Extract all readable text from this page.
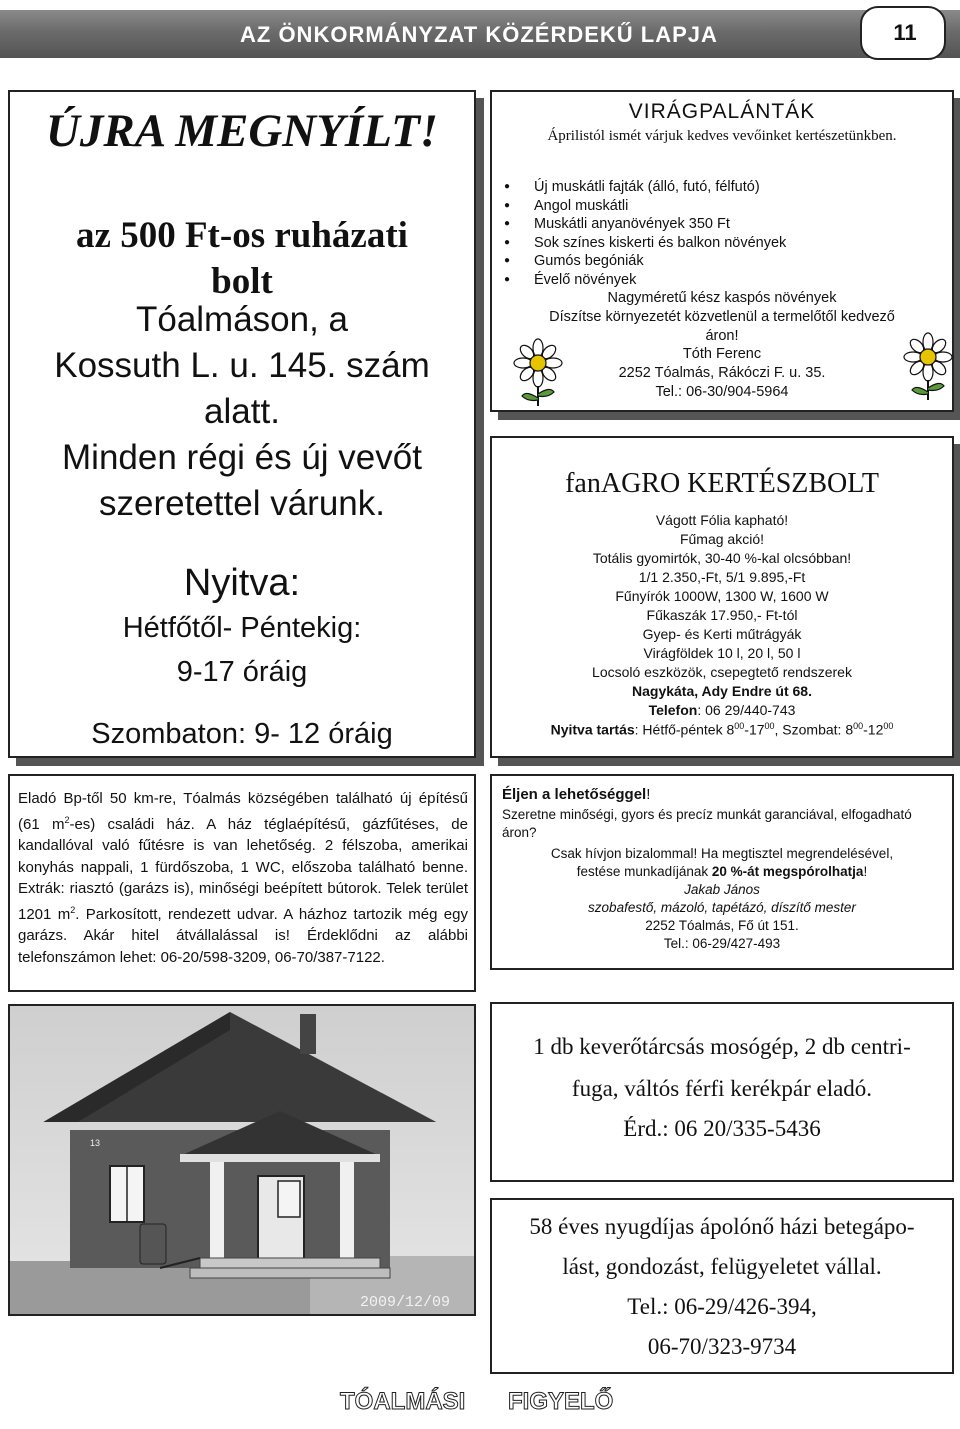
AZ ÖNKORMÁNYZAT KÖZÉRDEKŰ LAPJA	11
ÚJRA MEGNYÍLT!
az 500 Ft-os ruházati
bolt
Tóalmáson, a
Kossuth L. u. 145. szám
alatt.
Minden régi és új vevőt
szeretettel várunk.
Nyitva:
Hétfőtől- Péntekig:
9-17 óráig
Szombaton: 9- 12 óráig
VIRÁGPALÁNTÁK
Áprilistól ismét várjuk kedves vevőinket kertészetünkben.
● Új muskátli fajták (álló, futó, félfutó)
● Angol muskátli
● Muskátli anyanövények 350 Ft
● Sok színes kiskerti és balkon növények
● Gumós begóniák
● Évelő növények
Nagyméretű kész kaspós növények
Díszítse környezetét közvetlenül a termelőtől kedvező
áron!
Tóth Ferenc
2252 Tóalmás, Rákóczi F. u. 35.
Tel.: 06-30/904-5964
fanAGRO KERTÉSZBOLT
Vágott Fólia kapható!
Fűmag akció!
Totális gyomirtók, 30-40 %-kal olcsóbban!
1/1 2.350,-Ft, 5/1 9.895,-Ft
Fűnyírók 1000W, 1300 W, 1600 W
Fűkaszák 17.950,- Ft-tól
Gyep- és Kerti műtrágyák
Virágföldek 10 l, 20 l, 50 l
Locsoló eszközök, csepegtető rendszerek
Nagykáta, Ady Endre út 68.
Telefon: 06 29/440-743
Nyitva tartás: Hétfő-péntek $8^{00}-17^{00}$, Szombat: $8^{00}-12^{00}$
Eladó Bp-től 50 km-re, Tóalmás községében található új építésű (61 $m^2-es$) családi ház. A ház téglaépítésű, gázfűtéses, de kandallóval való fűtésre is van lehetőség. 2 félszoba, amerikai konyhás nappali, 1 fürdőszoba, 1 WC, előszoba található benne. Extrák: riasztó (garázs is), minőségi beépített bútorok. Telek terület 1201 $m^2$. Parkosított, rendezett udvar. A házhoz tartozik még egy garázs. Akár hitel átvállalással is! Érdeklődni az alábbi telefonszámon lehet: 06-20/598-3209, 06-70/387-7122.
Éljen a lehetőséggel!
Szeretne minőségi, gyors és precíz munkát garanciával, elfogadható áron?
Csak hívjon bizalommal! Ha megtisztel megrendelésével,
festése munkadíjának 20 %-át megspórolhatja!
Jakab János
szobafestő, mázoló, tapétázó, díszítő mester
2252 Tóalmás, Fő út 151.
Tel.: 06-29/427-493
13
2009/12/09
1 db keverőtárcsás mosógép, 2 db centri-
fuga, váltós férfi kerékpár eladó.
Érd.: 06 20/335-5436
58 éves nyugdíjas ápolónő házi betegápo-
lást, gondozást, felügyeletet vállal.
Tel.: 06-29/426-394,
06-70/323-9734
TÓALMÁSI FIGYELŐ
